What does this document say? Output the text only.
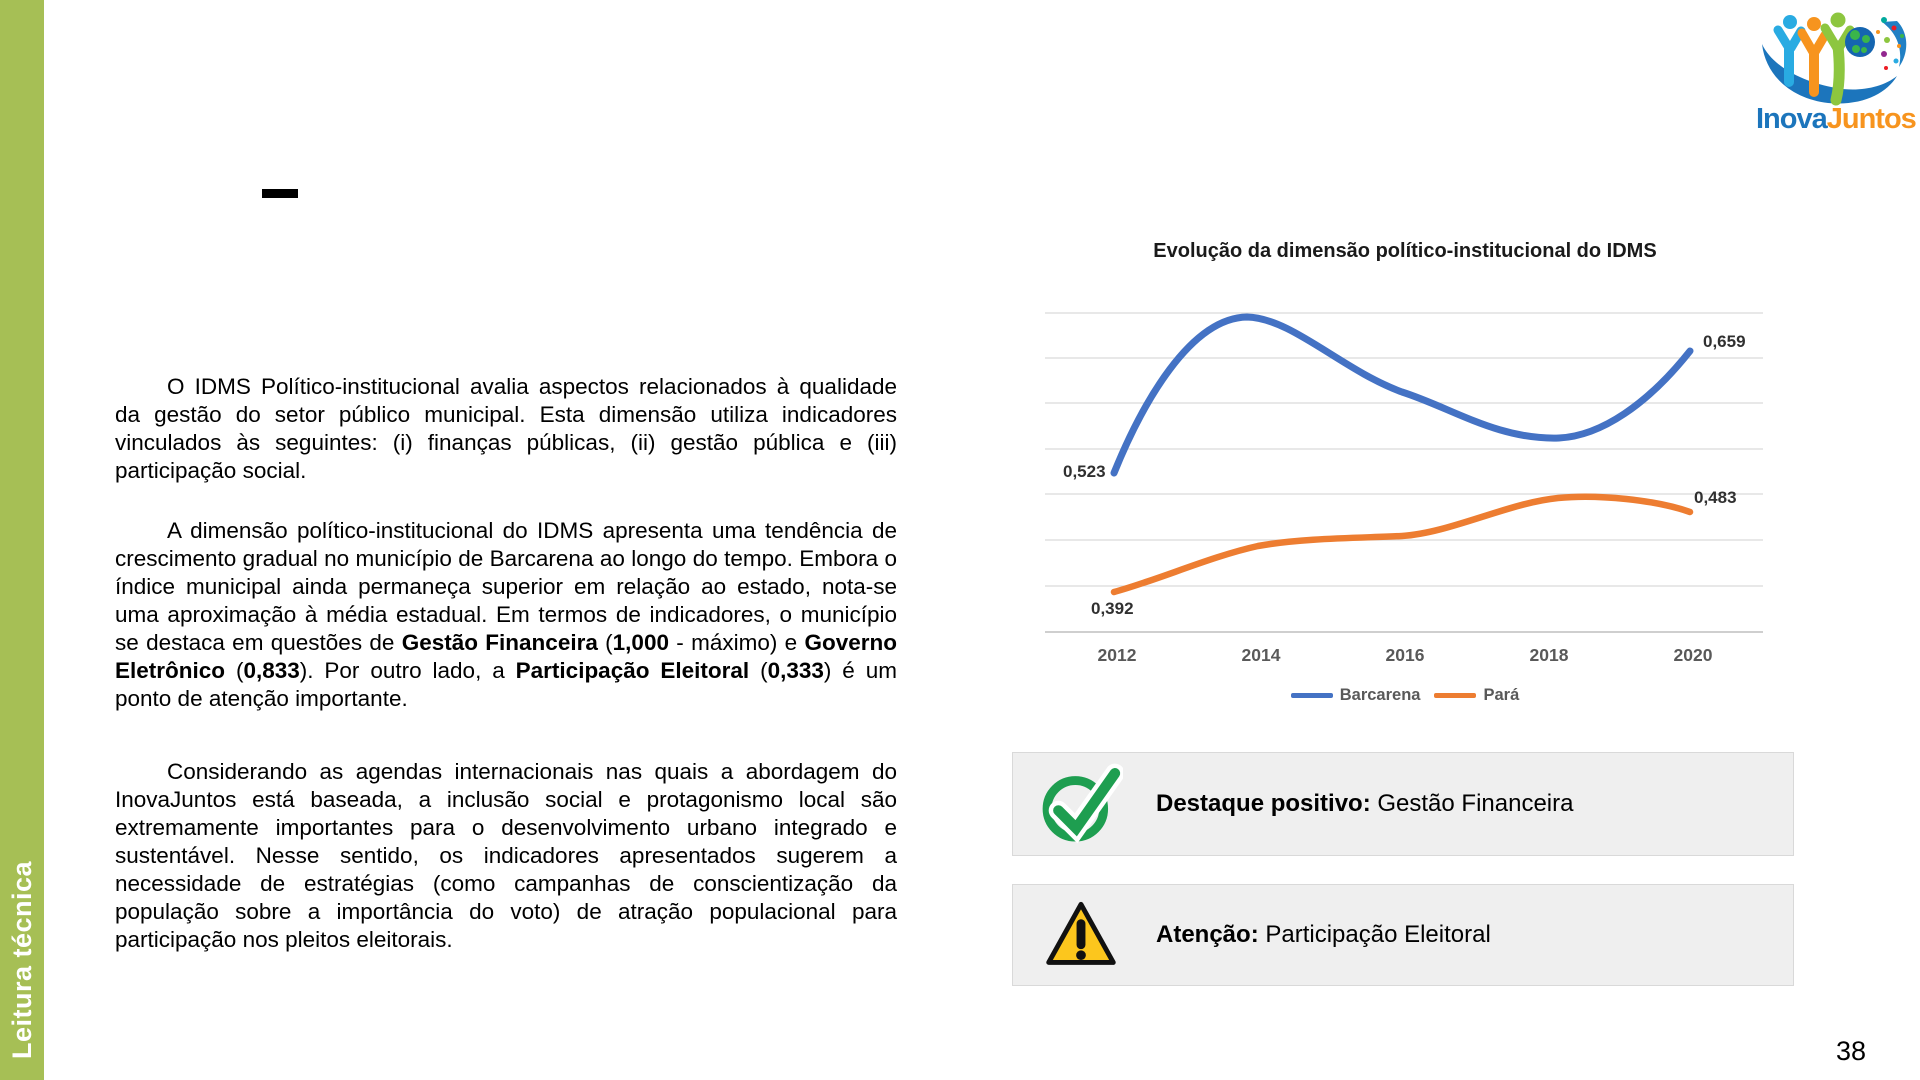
Leitura técnica

O IDMS Político-institucional avalia aspectos relacionados à qualidade da gestão do setor público municipal. Esta dimensão utiliza indicadores vinculados às seguintes: (i) finanças públicas, (ii) gestão pública e (iii) participação social.

A dimensão político-institucional do IDMS apresenta uma tendência de crescimento gradual no município de Barcarena ao longo do tempo. Embora o índice municipal ainda permaneça superior em relação ao estado, nota-se uma aproximação à média estadual. Em termos de indicadores, o município se destaca em questões de Gestão Financeira (1,000 - máximo) e Governo Eletrônico (0,833). Por outro lado, a Participação Eleitoral (0,333) é um ponto de atenção importante.

Considerando as agendas internacionais nas quais a abordagem do InovaJuntos está baseada, a inclusão social e protagonismo local são extremamente importantes para o desenvolvimento urbano integrado e sustentável. Nesse sentido, os indicadores apresentados sugerem a necessidade de estratégias (como campanhas de conscientização da população sobre a importância do voto) de atração populacional para participação nos pleitos eleitorais.

Evolução da dimensão político-institucional do IDMS
0,523
0,659
0,392
0,483
2012	2014	2016	2018	2020
Barcarena	Pará
Destaque positivo: Gestão Financeira
Atenção: Participação Eleitoral
InovaJuntos
38
